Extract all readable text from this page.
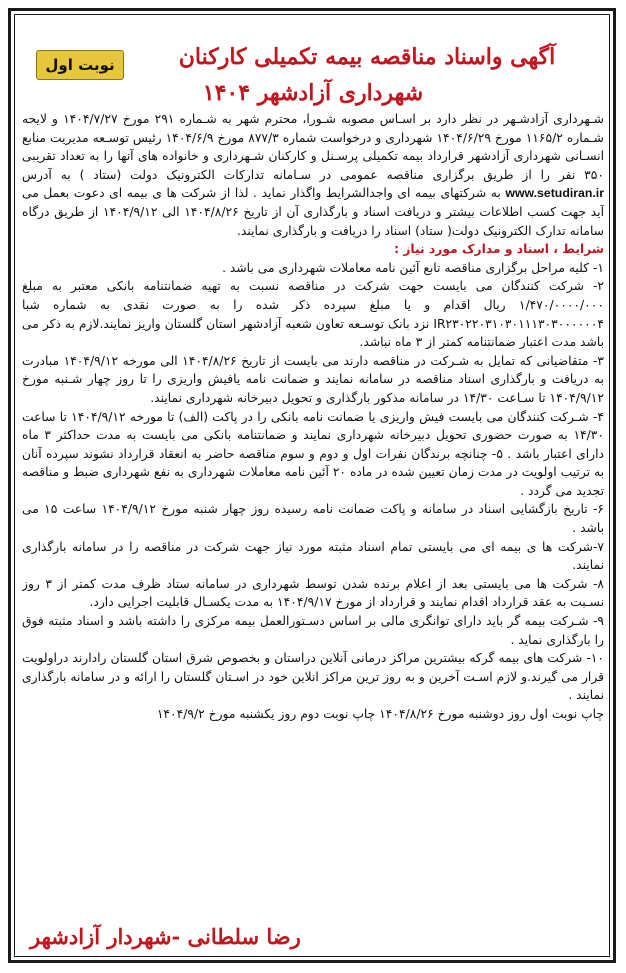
نوبت اول	آگهی واسناد مناقصه بیمه تکمیلی کارکنان
شهرداری آزادشهر ۱۴۰۴

شـهرداری آزادشـهر در نظر دارد بر اسـاس مصوبه شـورا، محترم شهر به شـماره ۲۹۱ مورخ ۱۴۰۴/۷/۲۷ و لایحه شـماره ۱۱۶۵/۲ مورخ ۱۴۰۴/۶/۲۹ شهرداری و درخواست شماره ۸۷۷/۳ مورخ ۱۴۰۴/۶/۹ رئیس توسـعه مدیریت منابع انسـانی شهرداری آزادشهر قرارداد بیمه تکمیلی پرسـنل و کارکنان شـهرداری و خانواده های آنها را به تعداد تقریبی ۳۵۰ نفر را از طریق برگزاری مناقصه عمومی در سـامانه تدارکات الکترونیک دولت (ستاد ) به آدرس www.setudiran.ir به شرکتهای بیمه ای واجدالشرایط واگذار نماید . لذا از شرکت ها ی بیمه ای دعوت بعمل می آید جهت کسب اطلاعات بیشتر و دریافت اسناد و بارگذاری آن از تاریخ ۱۴۰۴/۸/۲۶ الی ۱۴۰۴/۹/۱۲ از طریق درگاه سامانه تدارک الکترونیک دولت( ستاد) اسناد را دریافت و بارگذاری نمایند.

شرایط ، اسناد و مدارک مورد نیاز :

۱- کلیه مراحل برگزاری مناقصه تابع آئین نامه معاملات شهرداری می باشد .

۲- شرکت کنندگان می بایست جهت شرکت در مناقصه نسبت به تهیه ضمانتنامه بانکی معتبر به مبلغ ۱/۴۷۰/۰۰۰۰/۰۰۰ ریال اقدام و یا مبلغ سپرده ذکر شده را به صورت نقدی به شماره شبا IR۲۳۰۲۲۰۳۱۰۳۰۱۱۱۳۰۳۰۰۰۰۰۰۴ نزد بانک توسـعه تعاون شعبه آزادشهر استان گلستان واریز نمایند.لازم به ذکر می باشد مدت اعتبار ضمانتنامه کمتر از ۳ ماه نباشد.

۳- متقاضیانی که تمایل به شـرکت در مناقصه دارند می بایست از تاریخ ۱۴۰۴/۸/۲۶ الی مورخه ۱۴۰۴/۹/۱۲ مبادرت به دریافت و بارگذاری اسناد مناقصه در سامانه نمایند و ضمانت نامه یافیش واریزی را تا روز چهار شـنبه مورخ ۱۴۰۴/۹/۱۲ تا سـاعت ۱۴/۳۰ در سامانه مذکور بارگذاری و تحویل دبیرخانه شهرداری نمایند.

۴- شـرکت کنندگان می بایست فیش واریزی یا ضمانت نامه بانکی را در پاکت (الف) تا مورخه ۱۴۰۴/۹/۱۲ تا ساعت ۱۴/۳۰ به صورت حضوری تحویل دبیرخانه شهرداری نمایند و ضمانتنامه بانکی می بایست به مدت حداکثر ۳ ماه دارای اعتبار باشد . ۵- چنانچه برندگان نفرات اول و دوم و سوم مناقصه حاضر به انعقاد قرارداد نشوند سپرده آنان به ترتیب اولویت در مدت زمان تعیین شده در ماده ۲۰ آئین نامه معاملات شهرداری به نفع شهرداری ضبط و مناقصه تجدید می گردد .

۶- تاریخ بازگشایی اسناد در سامانه و پاکت ضمانت نامه رسیده روز چهار شنبه مورخ ۱۴۰۴/۹/۱۲ ساعت ۱۵ می باشد .

۷-شرکت ها ی بیمه ای می بایستی تمام اسناد مثبته مورد نیاز جهت شرکت در مناقصه را در سامانه بارگذاری نمایند.

۸- شرکت ها می بایستی بعد از اعلام برنده شدن توسط شهرداری در سامانه ستاد ظرف مدت کمتر از ۳ روز نسـبت به عقد قرارداد اقدام نمایند و قرارداد از مورخ ۱۴۰۴/۹/۱۷ به مدت یکسـال قابلیت اجرایی دارد.

۹- شـرکت بیمه گر باید دارای توانگری مالی بر اساس دسـتورالعمل بیمه مرکزی را داشته باشد و اسناد مثبته فوق را بارگذاری نماید .

۱۰- شرکت های بیمه گرکه بیشترین مراکز درمانی آنلاین دراستان و بخصوص شرق استان گلستان رادارند دراولویت قرار می گیرند.و لازم اسـت آخرین و به روز ترین مراکز انلاین خود در اسـتان گلستان را ارائه و در سامانه بارگذاری نمایند .

چاپ نوبت اول روز دوشنبه مورخ ۱۴۰۴/۸/۲۶ چاپ نوبت دوم روز یکشنبه مورخ ۱۴۰۴/۹/۲

رضا سلطانی -شهردار آزادشهر
